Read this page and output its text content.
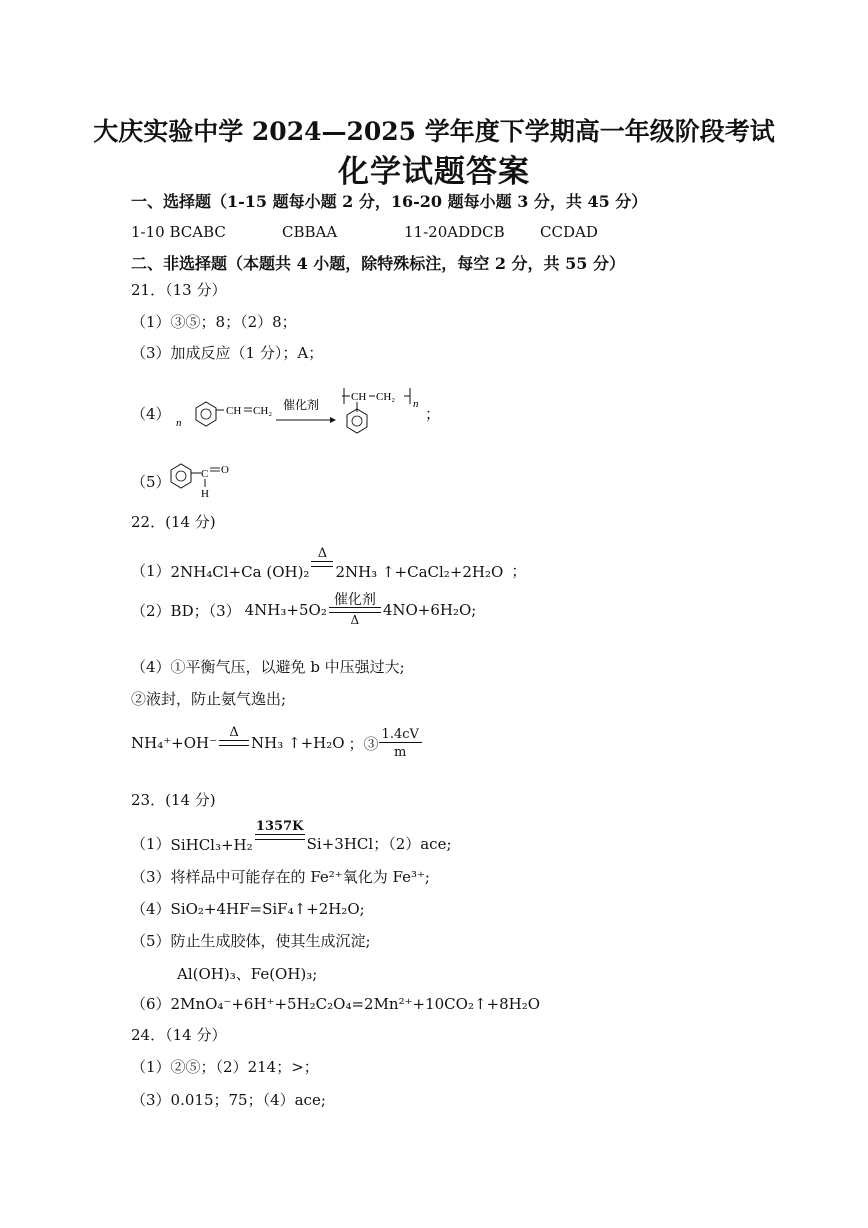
大庆实验中学 2024—2025 学年度下学期高一年级阶段考试
化学试题答案
一、选择题（1-15 题每小题 2 分，16-20 题每小题 3 分，共 45 分）
1-10 BCABC	CBBAA	11-20ADDCB CCDAD
二、非选择题（本题共 4 小题，除特殊标注，每空 2 分，共 55 分）
21．（13 分）
（1）③⑤；8；（2）8；
（3）加成反应（1 分）；A；
（4） n
CH CH₂ 催化剂
CH CH₂
n
；
（5）	C O
H
22．(14 分)
（1） 2NH₄Cl+Ca (OH)₂
Δ
2NH₃ ↑+CaCl₂+2H₂O ；
（2）BD；（3） 4NH₃+5O₂
催化剂
Δ
4NO+6H₂O;
（4）①平衡气压，以避免 b 中压强过大;
②液封，防止氨气逸出;
NH₄⁺+OH⁻
Δ
NH₃ ↑+H₂O ；③ $\frac{1.4cV}{m}$
23．(14 分)
（1） SiHCl₃+H₂
1357K
Si+3HCl；（2）ace;
（3）将样品中可能存在的 Fe²⁺氧化为 Fe³⁺;
（4）SiO₂+4HF=SiF₄↑+2H₂O;
（5）防止生成胶体，使其生成沉淀;
Al(OH)₃、Fe(OH)₃;
（6）2MnO₄⁻+6H⁺+5H₂C₂O₄=2Mn²⁺+10CO₂↑+8H₂O
24．（14 分）
（1）②⑤；（2）214；>；
（3）0.015；75；（4）ace;
